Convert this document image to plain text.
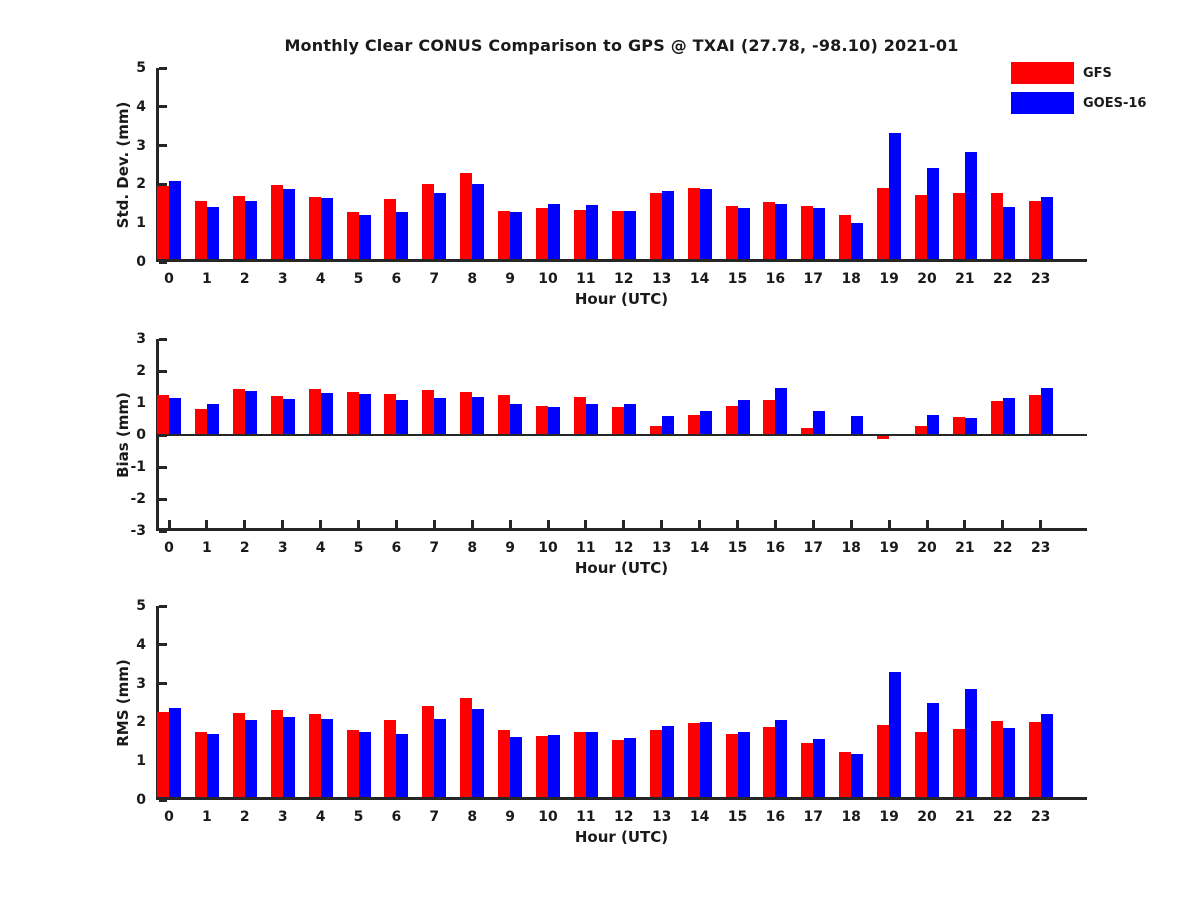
Monthly Clear CONUS Comparison to GPS @ TXAI (27.78, -98.10) 2021-01
GFS
GOES-16
0
1
2
3
4
5
0	1	2	3	4	5	6	7	8	9	10	11	12	13	14	15	16	17	18	19	20	21	22	23
Hour (UTC)
Std. Dev. (mm)
-3
-2
-1
0
1
2
3
0	1	2	3	4	5	6	7	8	9	10	11	12	13	14	15	16	17	18	19	20	21	22	23
Hour (UTC)
Bias (mm)
0
1
2
3
4
5
0	1	2	3	4	5	6	7	8	9	10	11	12	13	14	15	16	17	18	19	20	21	22	23
Hour (UTC)
RMS (mm)
